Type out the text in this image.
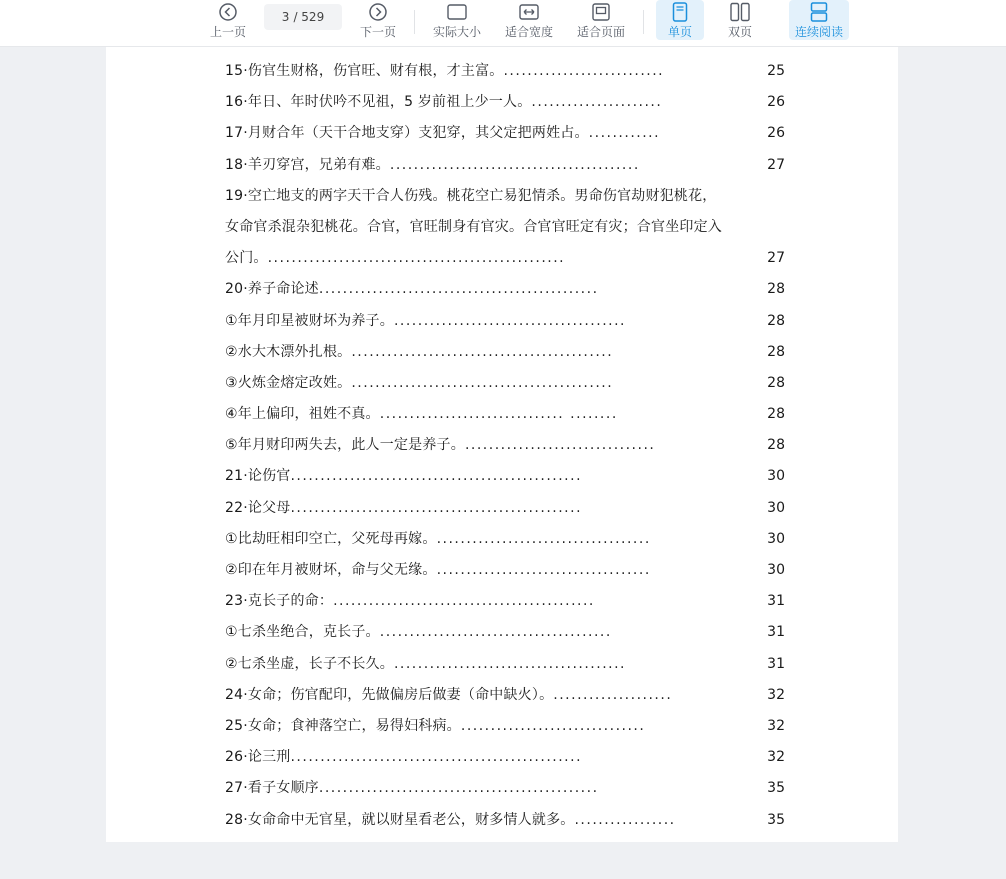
上一页
3 / 529
下一页	实际大小 适合宽度 适合页面	单页	双页	连续阅读
15·伤官生财格，伤官旺、财有根，才主富。 ...........................	25
16·年日、年时伏吟不见祖，5 岁前祖上少一人。 ......................	26
17·月财合年（天干合地支穿）支犯穿，其父定把两姓占。 ............	26
18·羊刃穿宫，兄弟有难。 ..........................................	27
19·空亡地支的两字天干合人伤残。桃花空亡易犯情杀。男命伤官劫财犯桃花，
女命官杀混杂犯桃花。合官，官旺制身有官灾。合官官旺定有灾；合官坐印定入
公门。 ..................................................	27
20·养子命论述 ...............................................	28
①年月印星被财坏为养子。 .......................................	28
②水大木漂外扎根。 ............................................	28
③火炼金熔定改姓。 ............................................	28
④年上偏印，祖姓不真。 ............................... ........	28
⑤年月财印两失去，此人一定是养子。 ................................	28
21·论伤官 .................................................	30
22·论父母 .................................................	30
①比劫旺相印空亡，父死母再嫁。 ....................................	30
②印在年月被财坏，命与父无缘。 ....................................	30
23·克长子的命： ............................................	31
①七杀坐绝合，克长子。 .......................................	31
②七杀坐虚，长子不长久。 .......................................	31
24·女命；伤官配印，先做偏房后做妻（命中缺火）。 ....................	32
25·女命；食神落空亡，易得妇科病。 ...............................	32
26·论三刑 .................................................	32
27·看子女顺序 ...............................................	35
28·女命命中无官星，就以财星看老公，财多情人就多。 .................	35
